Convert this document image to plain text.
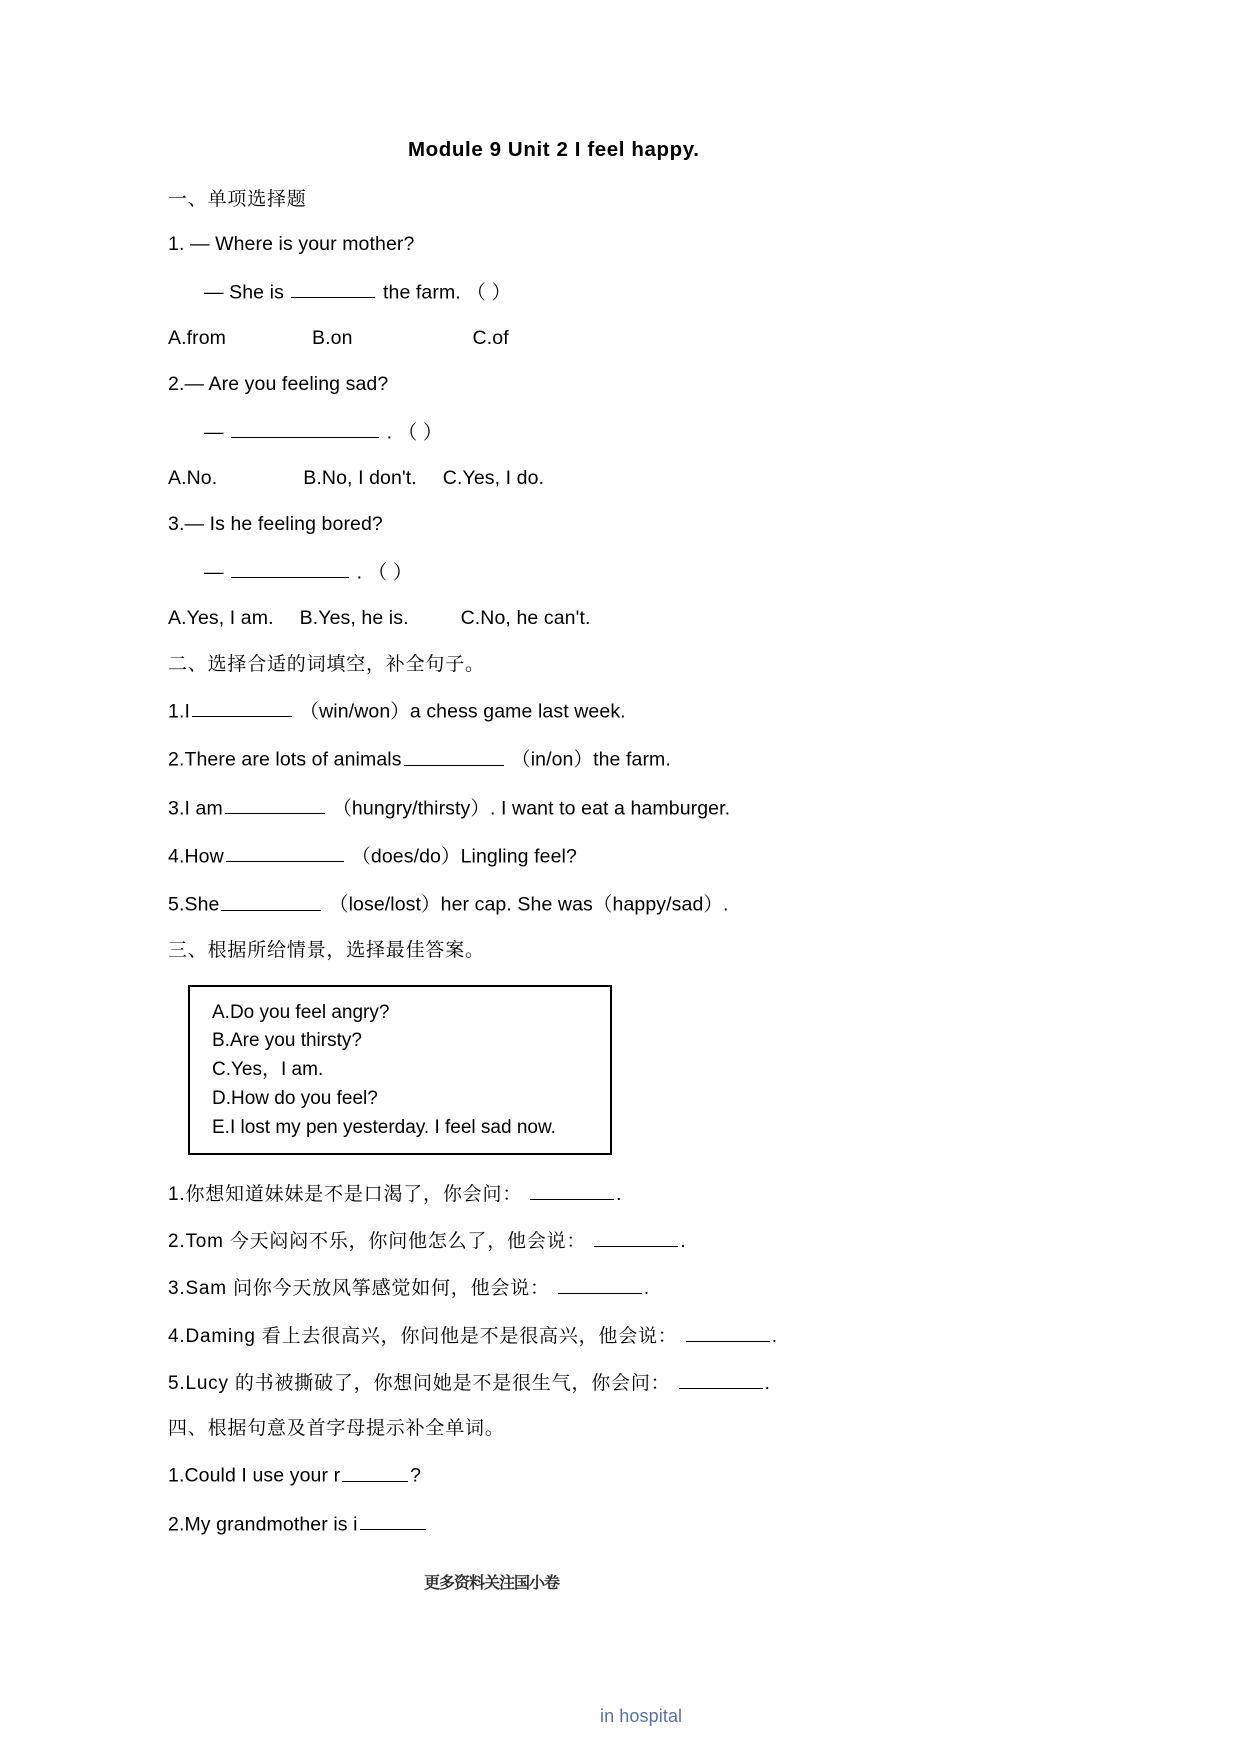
Module 9 Unit 2 I feel happy.
一、单项选择题
1. — Where is your mother?
— She is	the farm. （ ）
A.from	B.on	C.of
2.— Are you feeling sad?
—	. （ ）
A.No.	B.No, I don't. C.Yes, I do.
3.— Is he feeling bored?
—	. （ ）
A.Yes, I am. B.Yes, he is.	C.No, he can't.
二、选择合适的词填空，补全句子。
1.I	（win/won）a chess game last week.
2.There are lots of animals	（in/on）the farm.
3.I am	（hungry/thirsty）. I want to eat a hamburger.
4.How	（does/do）Lingling feel?
5.She	（lose/lost）her cap. She was（happy/sad）.
三、根据所给情景，选择最佳答案。
A.Do you feel angry?
B.Are you thirsty?
C.Yes，I am.
D.How do you feel?
E.I lost my pen yesterday. I feel sad now.
1.你想知道妹妹是不是口渴了，你会问：	.
2.Tom 今天闷闷不乐，你问他怎么了，他会说：	.
3.Sam 问你今天放风筝感觉如何，他会说：	.
4.Daming 看上去很高兴，你问他是不是很高兴，他会说：	.
5.Lucy 的书被撕破了，你想问她是不是很生气，你会问：	.
四、根据句意及首字母提示补全单词。
1.Could I use your r	?
2.My grandmother is i
in hospital
更多资料关注国小卷
